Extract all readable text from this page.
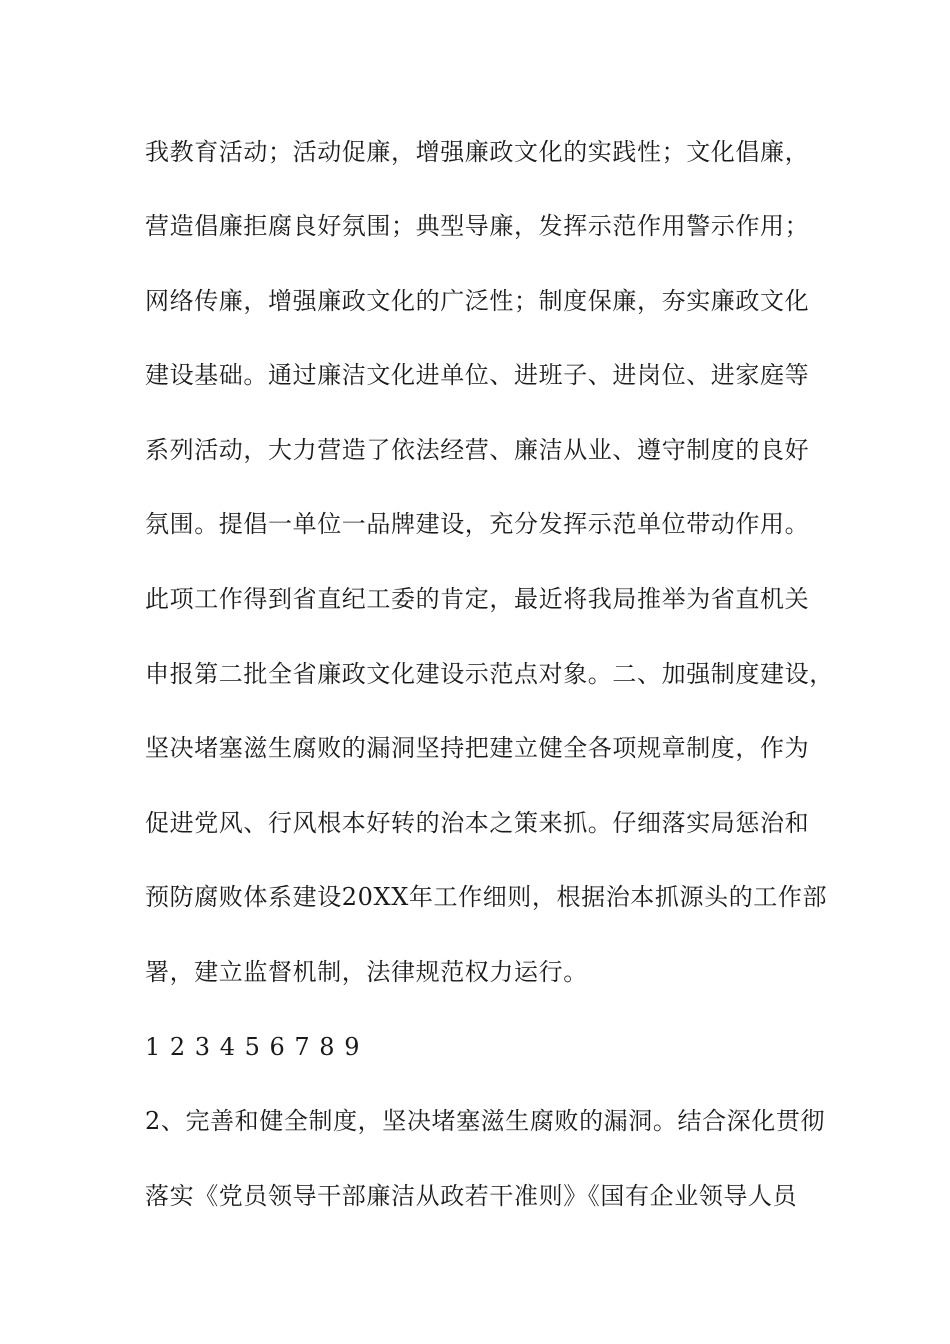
我教育活动；活动促廉，增强廉政文化的实践性；文化倡廉，
营造倡廉拒腐良好氛围；典型导廉，发挥示范作用警示作用；
网络传廉，增强廉政文化的广泛性；制度保廉，夯实廉政文化
建设基础。通过廉洁文化进单位、进班子、进岗位、进家庭等
系列活动，大力营造了依法经营、廉洁从业、遵守制度的良好
氛围。提倡一单位一品牌建设，充分发挥示范单位带动作用。
此项工作得到省直纪工委的肯定，最近将我局推举为省直机关
申报第二批全省廉政文化建设示范点对象。二、加强制度建设，
坚决堵塞滋生腐败的漏洞坚持把建立健全各项规章制度，作为
促进党风、行风根本好转的治本之策来抓。仔细落实局惩治和
预防腐败体系建设20XX年工作细则，根据治本抓源头的工作部
署，建立监督机制，法律规范权力运行。
1 2 3 4 5 6 7 8 9
2、完善和健全制度，坚决堵塞滋生腐败的漏洞。结合深化贯彻
落实《党员领导干部廉洁从政若干准则》《国有企业领导人员
